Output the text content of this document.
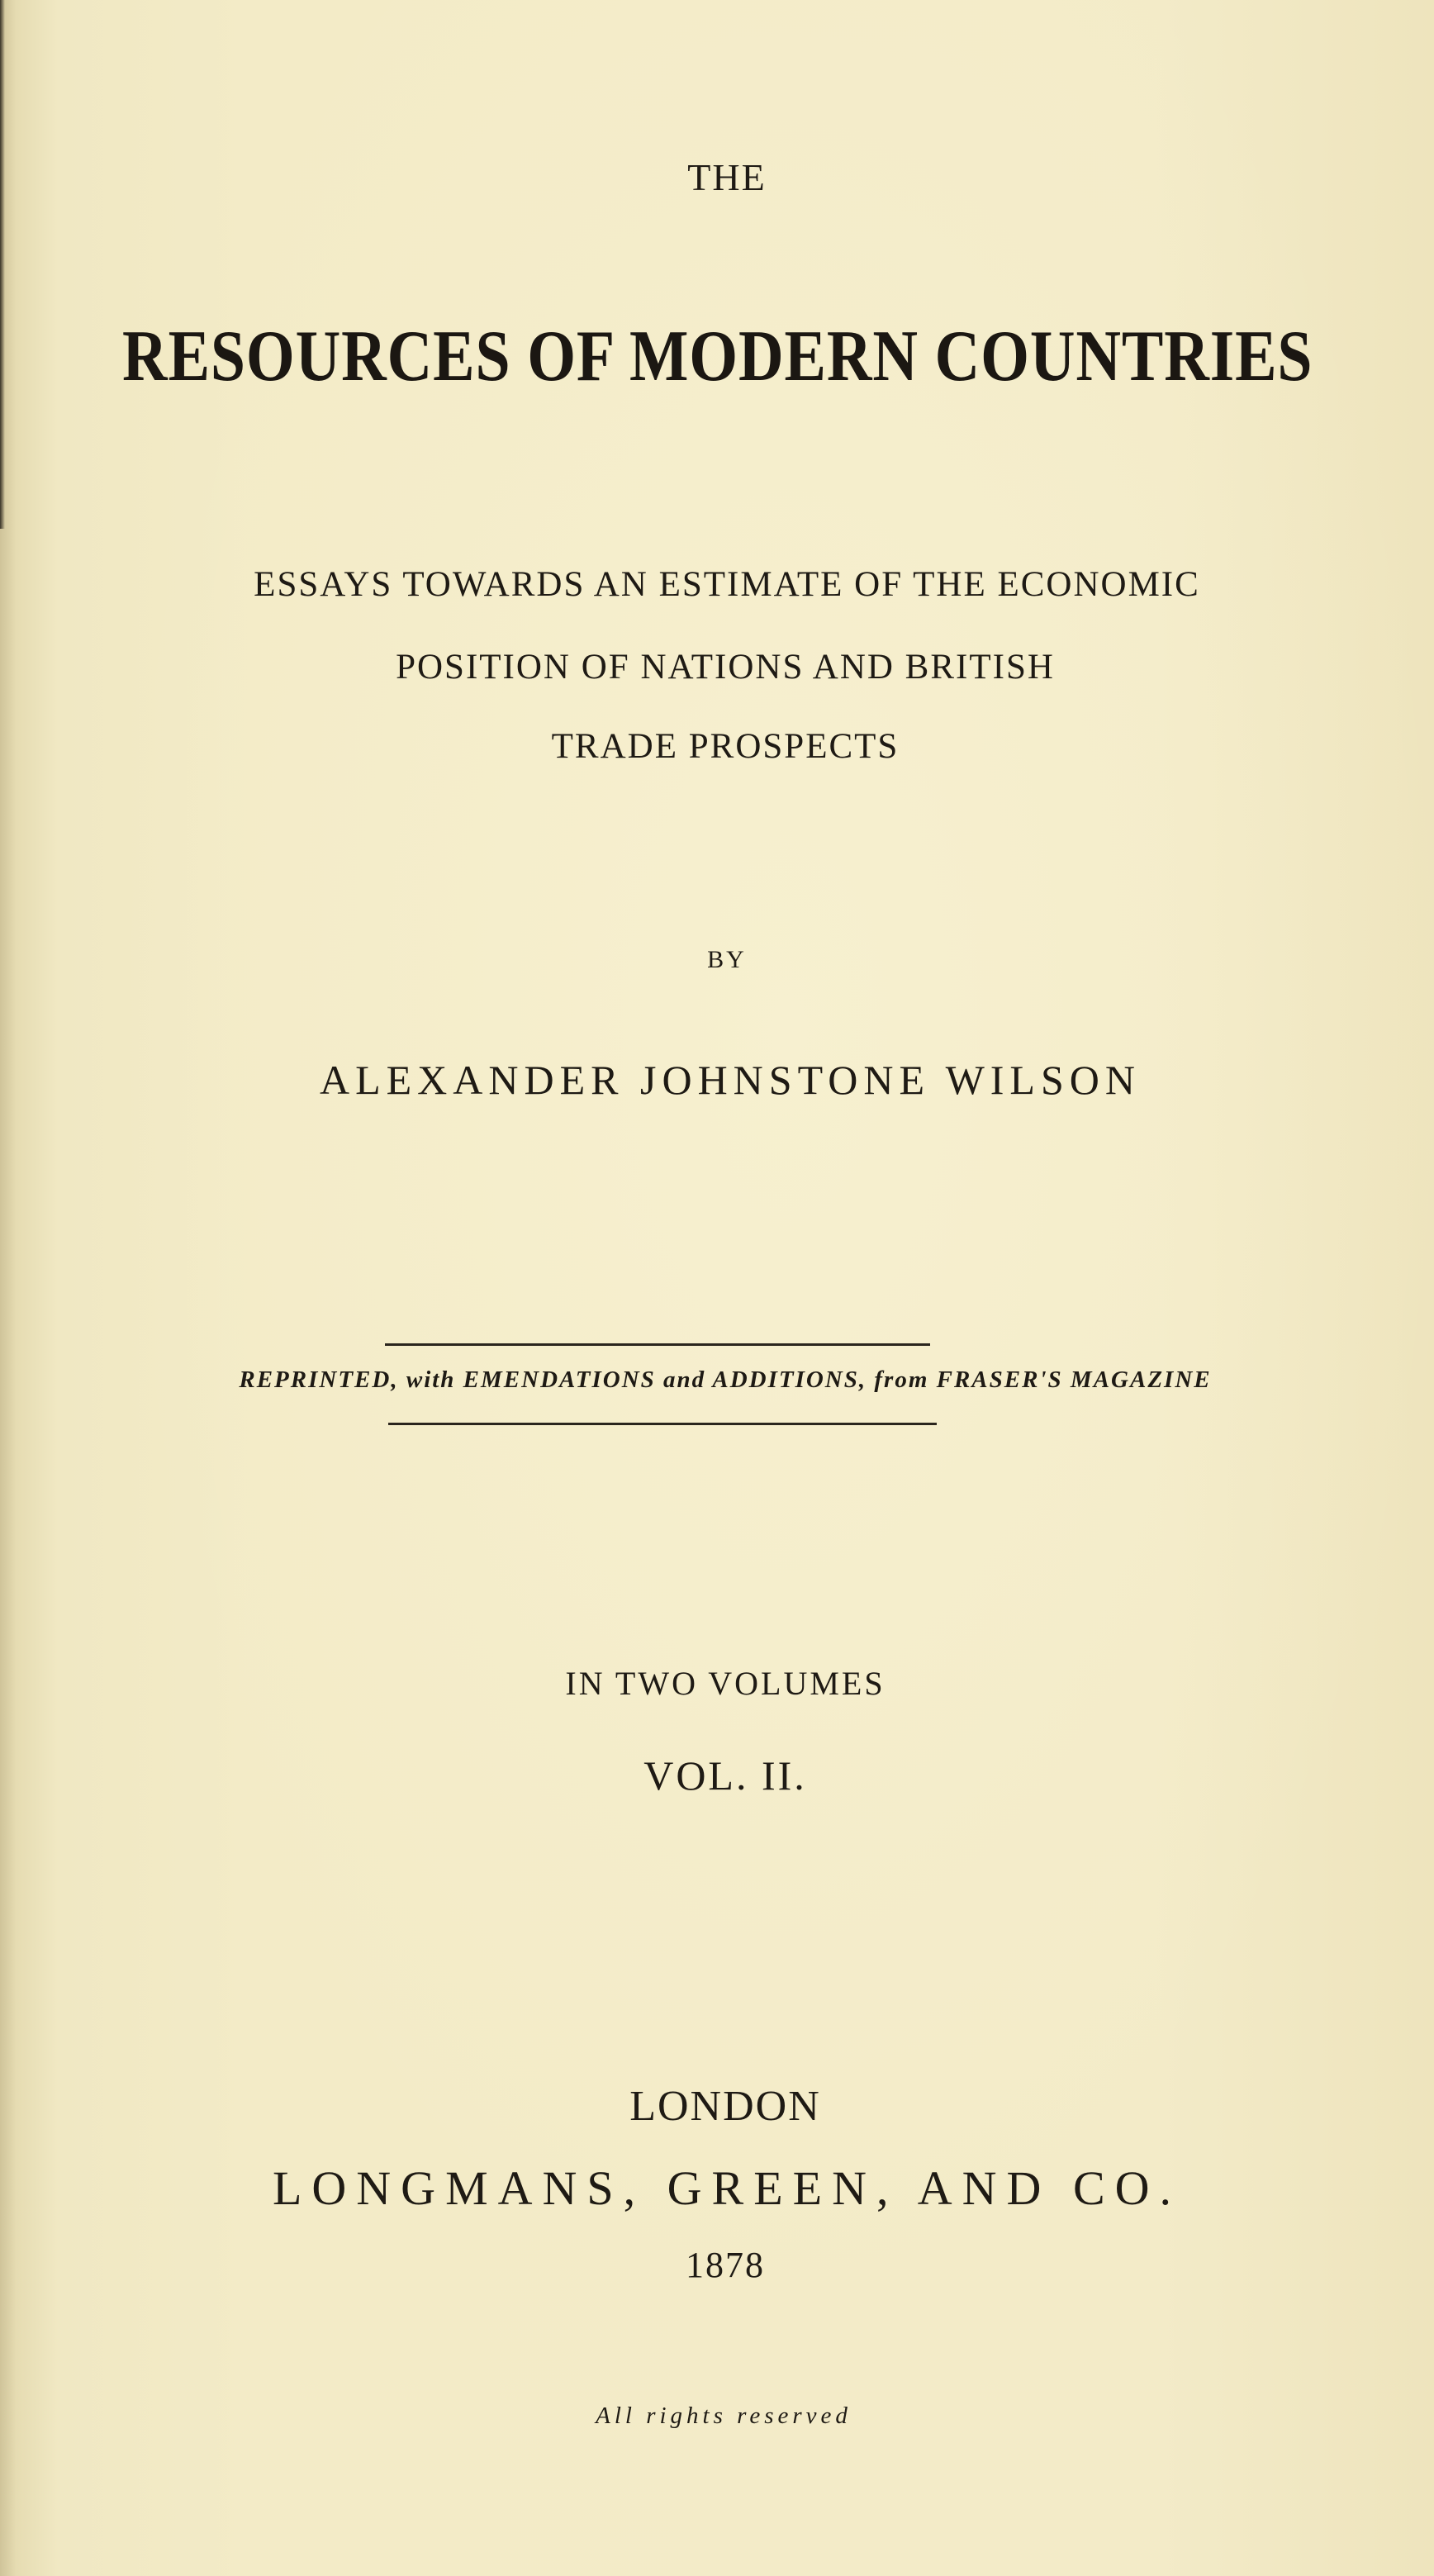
THE
RESOURCES OF MODERN COUNTRIES
ESSAYS TOWARDS AN ESTIMATE OF THE ECONOMIC
POSITION OF NATIONS AND BRITISH
TRADE PROSPECTS
BY
ALEXANDER JOHNSTONE WILSON
REPRINTED, with EMENDATIONS and ADDITIONS, from FRASER'S MAGAZINE
IN TWO VOLUMES
VOL. II.
LONDON
LONGMANS, GREEN, AND CO.
1878
All rights reserved
